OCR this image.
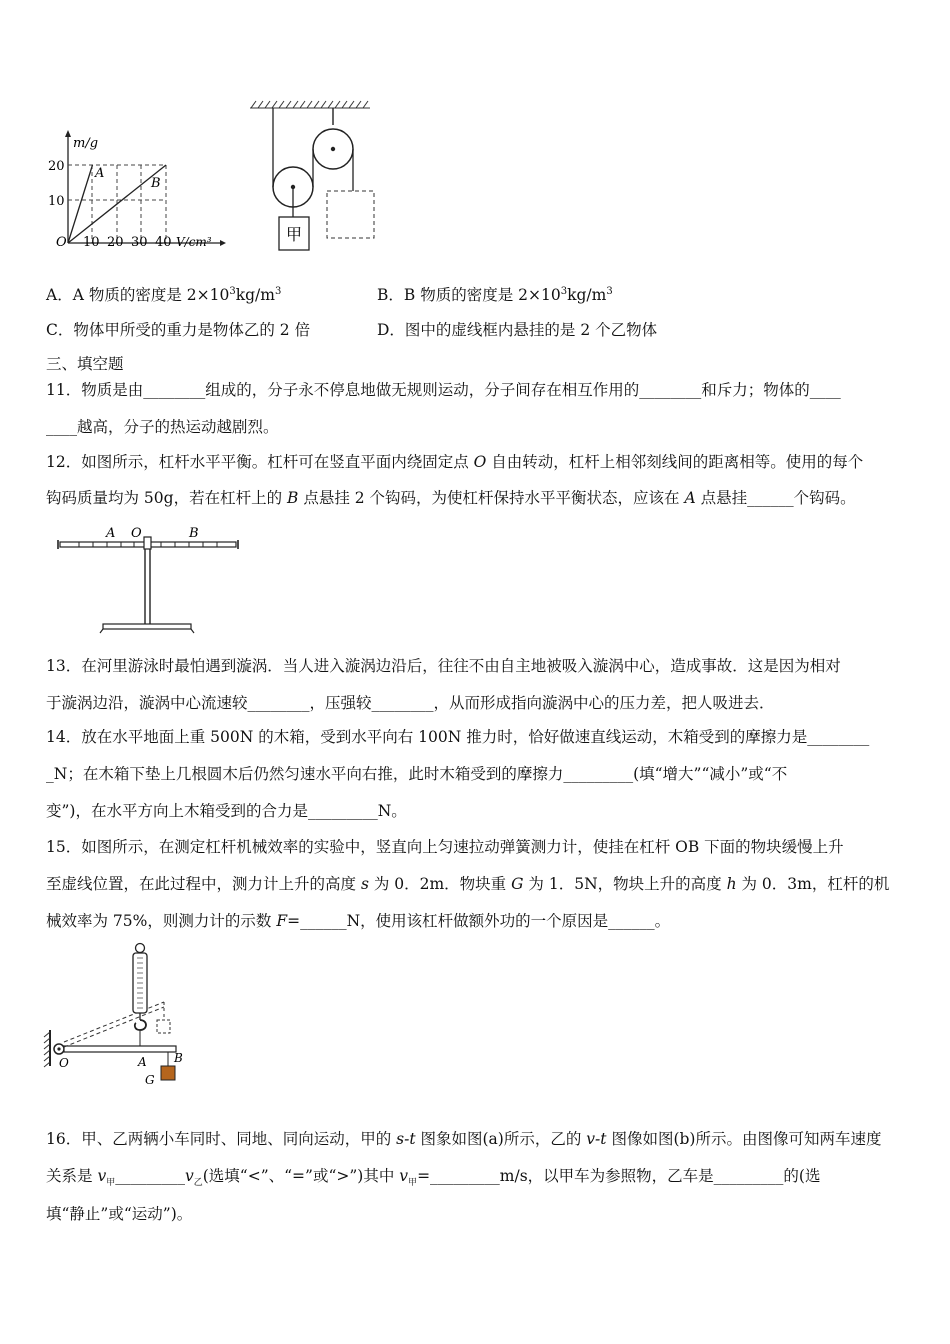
m/g
20
10
O 10 20 30 40 V/cm³
A
B
甲
A．A 物质的密度是 $2\times 10^3kg/m^3$	B．B 物质的密度是 $2\times 10^3kg/m^3$
C．物体甲所受的重力是物体乙的 2 倍	D．图中的虚线框内悬挂的是 2 个乙物体
三、填空题
11．物质是由________组成的，分子永不停息地做无规则运动，分子间存在相互作用的________和斥力；物体的____
____越高，分子的热运动越剧烈。
12．如图所示，杠杆水平平衡。杠杆可在竖直平面内绕固定点 O 自由转动，杠杆上相邻刻线间的距离相等。使用的每个
钩码质量均为 50g，若在杠杆上的 B 点悬挂 2 个钩码，为使杠杆保持水平平衡状态，应该在 A 点悬挂______个钩码。
A O	B
13．在河里游泳时最怕遇到漩涡．当人进入漩涡边沿后，往往不由自主地被吸入漩涡中心，造成事故．这是因为相对
于漩涡边沿，漩涡中心流速较________，压强较________，从而形成指向漩涡中心的压力差，把人吸进去．
14．放在水平地面上重 500N 的木箱，受到水平向右 100N 推力时，恰好做速直线运动，木箱受到的摩擦力是________
_N；在木箱下垫上几根圆木后仍然匀速水平向右推，此时木箱受到的摩擦力_________(填“增大”“减小”或“不
变”)，在水平方向上木箱受到的合力是_________N。
15．如图所示，在测定杠杆机械效率的实验中，竖直向上匀速拉动弹簧测力计，使挂在杠杆 OB 下面的物块缓慢上升
至虚线位置，在此过程中，测力计上升的高度 s 为 0．2m．物块重 G 为 1．5N，物块上升的高度 h 为 0．3m，杠杆的机
械效率为 75%，则测力计的示数 F=______N，使用该杠杆做额外功的一个原因是______。
O	A B
G
16．甲、乙两辆小车同时、同地、同向运动，甲的 s-t 图象如图(a)所示，乙的 v-t 图像如图(b)所示。由图像可知两车速度
关系是 $v_甲\_\_\_\_\_\_\_\_\_v_乙$(选填“<”、“=”或“>”)其中 $v_甲=\_\_\_\_\_\_\_\_\_m/s$，以甲车为参照物，乙车是_________的(选
填“静止”或“运动”)。
